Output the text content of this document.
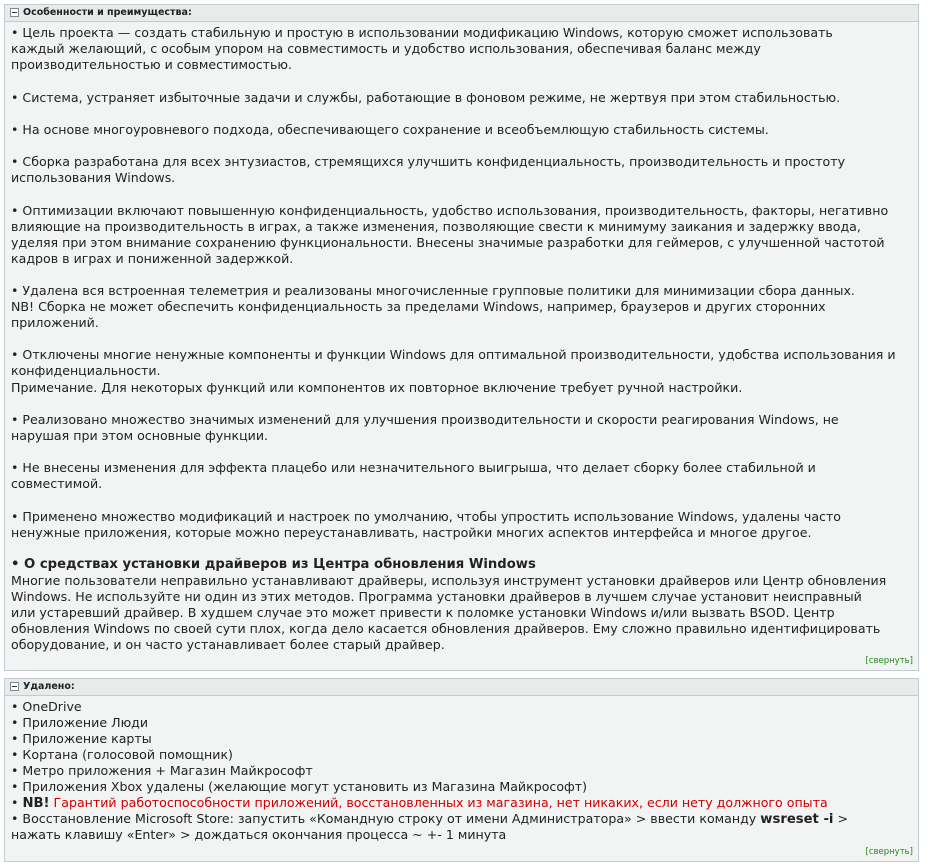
Особенности и преимущества:
• Цель проекта — создать стабильную и простую в использовании модификацию Windows, которую сможет использовать
каждый желающий, с особым упором на совместимость и удобство использования, обеспечивая баланс между
производительностью и совместимостью.
• Система, устраняет избыточные задачи и службы, работающие в фоновом режиме, не жертвуя при этом стабильностью.
• На основе многоуровневого подхода, обеспечивающего сохранение и всеобъемлющую стабильность системы.
• Сборка разработана для всех энтузиастов, стремящихся улучшить конфиденциальность, производительность и простоту
использования Windows.
• Оптимизации включают повышенную конфиденциальность, удобство использования, производительность, факторы, негативно
влияющие на производительность в играх, а также изменения, позволяющие свести к минимуму заикания и задержку ввода,
уделяя при этом внимание сохранению функциональности. Внесены значимые разработки для геймеров, с улучшенной частотой
кадров в играх и пониженной задержкой.
• Удалена вся встроенная телеметрия и реализованы многочисленные групповые политики для минимизации сбора данных.
NB! Сборка не может обеспечить конфиденциальность за пределами Windows, например, браузеров и других сторонних
приложений.
• Отключены многие ненужные компоненты и функции Windows для оптимальной производительности, удобства использования и
конфиденциальности.
Примечание. Для некоторых функций или компонентов их повторное включение требует ручной настройки.
• Реализовано множество значимых изменений для улучшения производительности и скорости реагирования Windows, не
нарушая при этом основные функции.
• Не внесены изменения для эффекта плацебо или незначительного выигрыша, что делает сборку более стабильной и
совместимой.
• Применено множество модификаций и настроек по умолчанию, чтобы упростить использование Windows, удалены часто
ненужные приложения, которые можно переустанавливать, настройки многих аспектов интерфейса и многое другое.
• О средствах установки драйверов из Центра обновления Windows
Многие пользователи неправильно устанавливают драйверы, используя инструмент установки драйверов или Центр обновления
Windows. Не используйте ни один из этих методов. Программа установки драйверов в лучшем случае установит неисправный
или устаревший драйвер. В худшем случае это может привести к поломке установки Windows и/или вызвать BSOD. Центр
обновления Windows по своей сути плох, когда дело касается обновления драйверов. Ему сложно правильно идентифицировать
оборудование, и он часто устанавливает более старый драйвер.
[свернуть]
Удалено:
• OneDrive
• Приложение Люди
• Приложение карты
• Кортана (голосовой помощник)
• Метро приложения + Магазин Майкрософт
• Приложения Xbox удалены (желающие могут установить из Магазина Майкрософт)
• NB! Гарантий работоспособности приложений, восстановленных из магазина, нет никаких, если нету должного опыта
• Восстановление Microsoft Store: запустить «Командную строку от имени Администратора» > ввести команду wsreset -i >
нажать клавишу «Enter» > дождаться окончания процесса ~ +- 1 минута
[свернуть]
